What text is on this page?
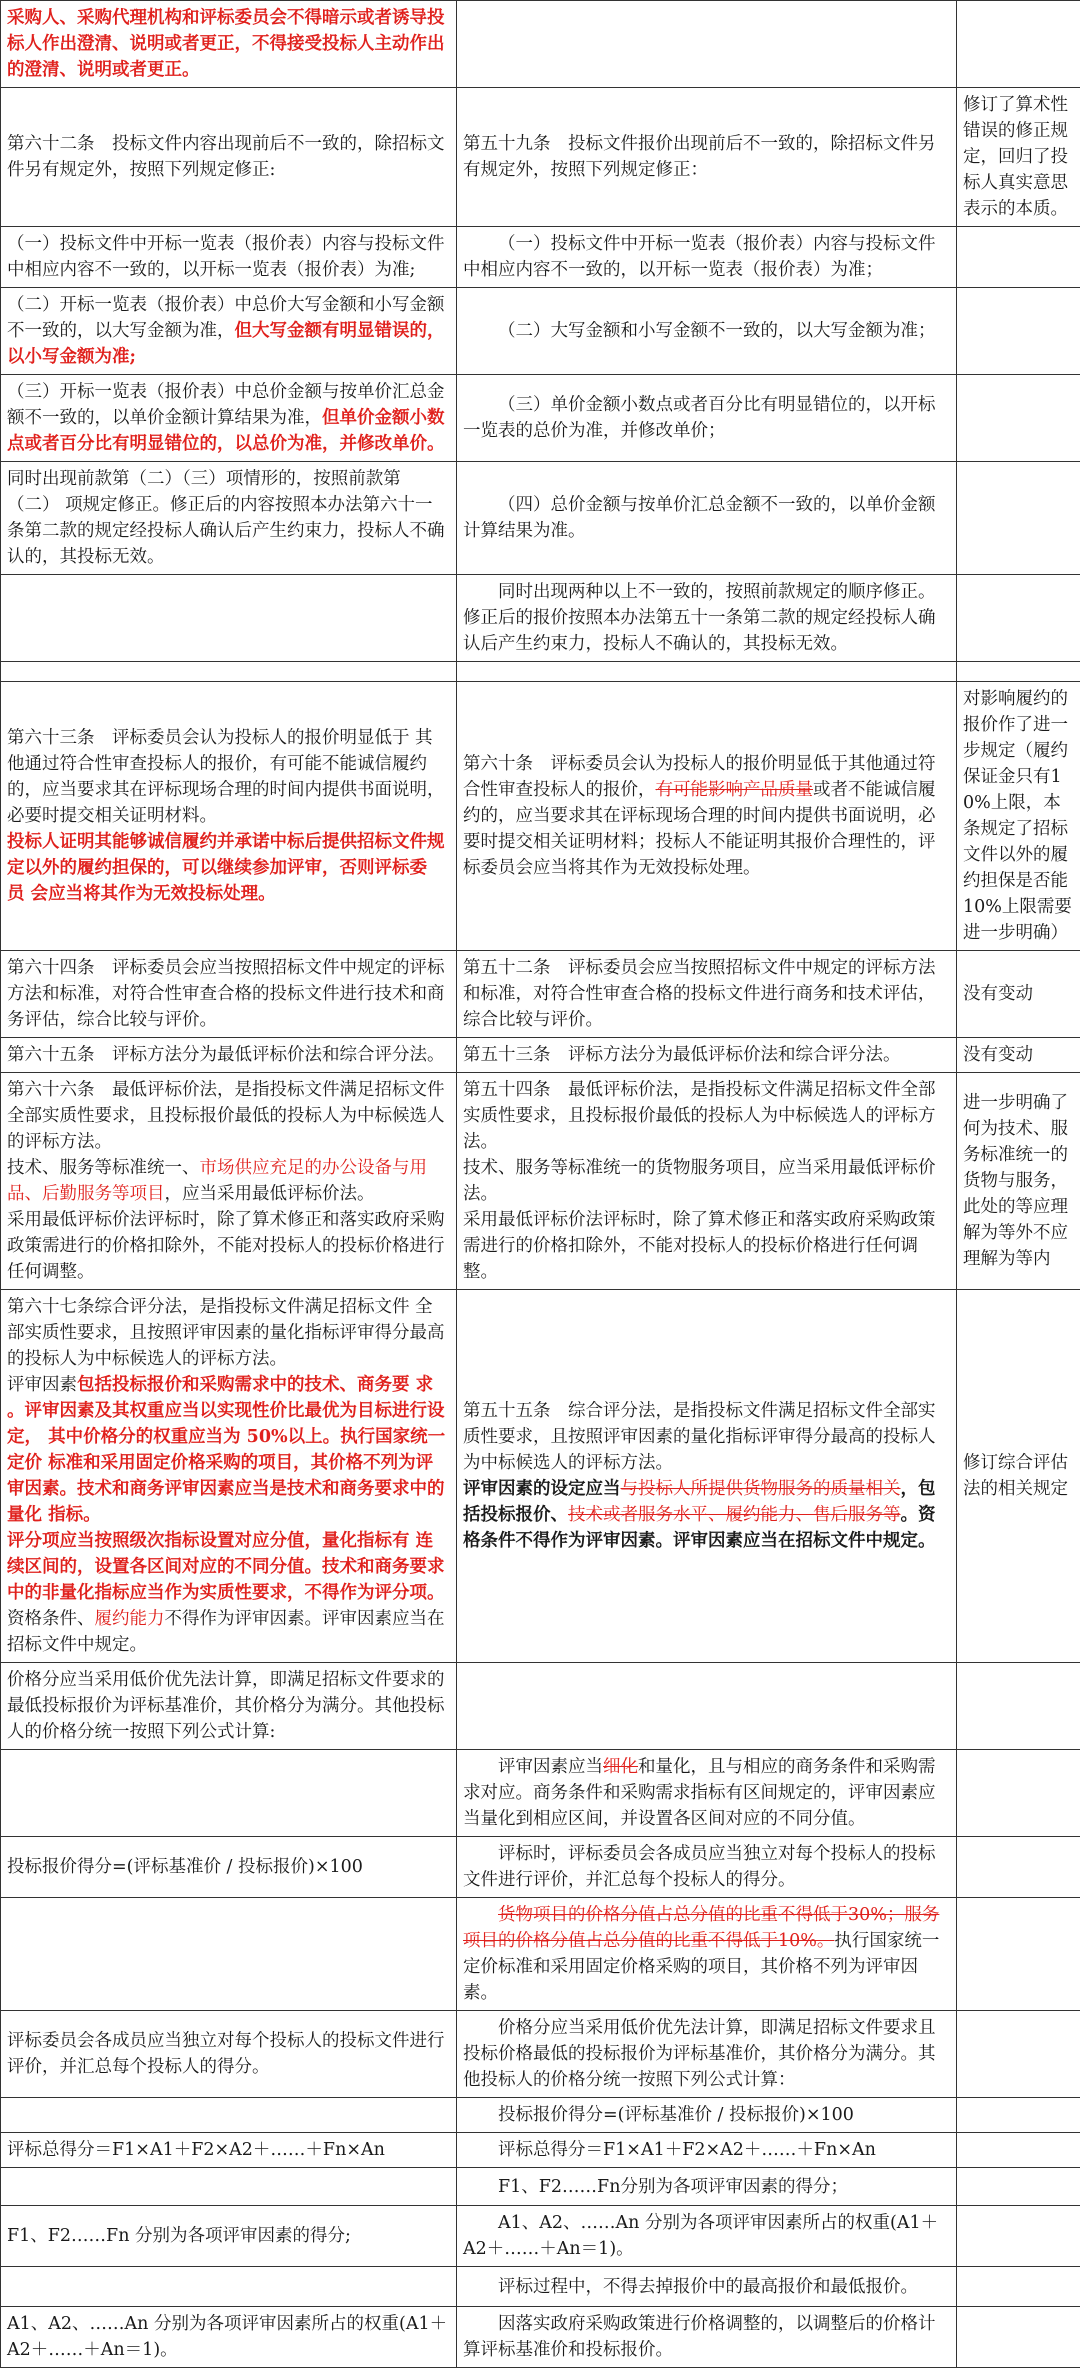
采购人、采购代理机构和评标委员会不得暗示或者诱导投标人作出澄清、说明或者更正，不得接受投标人主动作出 的澄清、说明或者更正。		
第六十二条　投标文件内容出现前后不一致的，除招标文件另有规定外，按照下列规定修正:	第五十九条　投标文件报价出现前后不一致的，除招标文件另有规定外，按照下列规定修正：	修订了算术性错误的修正规定，回归了投标人真实意思表示的本质。
（一）投标文件中开标一览表（报价表）内容与投标文件中相应内容不一致的，以开标一览表（报价表）为准;	（一）投标文件中开标一览表（报价表）内容与投标文件中相应内容不一致的，以开标一览表（报价表）为准；	
（二）开标一览表（报价表）中总价大写金额和小写金额不一致的，以大写金额为准，但大写金额有明显错误的， 以小写金额为准;	（二）大写金额和小写金额不一致的，以大写金额为准；	
（三）开标一览表（报价表）中总价金额与按单价汇总金额不一致的，以单价金额计算结果为准，但单价金额小数点或者百分比有明显错位的，以总价为准，并修改单价。	（三）单价金额小数点或者百分比有明显错位的，以开标一览表的总价为准，并修改单价；	
同时出现前款第（二）（三）项情形的，按照前款第（二） 项规定修正。修正后的内容按照本办法第六十一条第二款的规定经投标人确认后产生约束力，投标人不确认的，其投标无效。	（四）总价金额与按单价汇总金额不一致的，以单价金额计算结果为准。	
	同时出现两种以上不一致的，按照前款规定的顺序修正。修正后的报价按照本办法第五十一条第二款的规定经投标人确认后产生约束力，投标人不确认的，其投标无效。	

第六十三条　评标委员会认为投标人的报价明显低于 其他通过符合性审查投标人的报价，有可能不能诚信履约的，应当要求其在评标现场合理的时间内提供书面说明，必要时提交相关证明材料。
投标人证明其能够诚信履约并承诺中标后提供招标文件规定以外的履约担保的，可以继续参加评审，否则评标委 员 会应当将其作为无效投标处理。	第六十条　评标委员会认为投标人的报价明显低于其他通过符合性审查投标人的报价，有可能影响产品质量或者不能诚信履约的，应当要求其在评标现场合理的时间内提供书面说明，必要时提交相关证明材料；投标人不能证明其报价合理性的，评标委员会应当将其作为无效投标处理。	对影响履约的报价作了进一步规定（履约保证金只有10%上限，本条规定了招标文件以外的履约担保是否能10%上限需要进一步明确）
第六十四条　评标委员会应当按照招标文件中规定的评标方法和标准，对符合性审查合格的投标文件进行技术和商务评估，综合比较与评价。	第五十二条　评标委员会应当按照招标文件中规定的评标方法和标准，对符合性审查合格的投标文件进行商务和技术评估，综合比较与评价。	没有变动
第六十五条　评标方法分为最低评标价法和综合评分法。	第五十三条　评标方法分为最低评标价法和综合评分法。	没有变动
第六十六条　最低评标价法，是指投标文件满足招标文件全部实质性要求，且投标报价最低的投标人为中标候选人 的评标方法。
技术、服务等标准统一、市场供应充足的办公设备与用品、后勤服务等项目，应当采用最低评标价法。
采用最低评标价法评标时，除了算术修正和落实政府采购政策需进行的价格扣除外，不能对投标人的投标价格进行任何调整。	第五十四条　最低评标价法，是指投标文件满足招标文件全部实质性要求，且投标报价最低的投标人为中标候选人的评标方法。
技术、服务等标准统一的货物服务项目，应当采用最低评标价法。
采用最低评标价法评标时，除了算术修正和落实政府采购政策需进行的价格扣除外，不能对投标人的投标价格进行任何调整。	进一步明确了何为技术、服务标准统一的货物与服务，此处的等应理解为等外不应理解为等内
第六十七条综合评分法，是指投标文件满足招标文件 全部实质性要求，且按照评审因素的量化指标评审得分最高 的投标人为中标候选人的评标方法。
评审因素包括投标报价和采购需求中的技术、商务要 求 。评审因素及其权重应当以实现性价比最优为目标进行设 定， 其中价格分的权重应当为 50%以上。执行国家统一定价 标准和采用固定价格采购的项目，其价格不列为评审因素。技术和商务评审因素应当是技术和商务要求中的量化 指标。
评分项应当按照级次指标设置对应分值，量化指标有 连续区间的，设置各区间对应的不同分值。技术和商务要求中的非量化指标应当作为实质性要求，不得作为评分项。资格条件、履约能力不得作为评审因素。评审因素应当在招标文件中规定。	第五十五条　综合评分法，是指投标文件满足招标文件全部实质性要求，且按照评审因素的量化指标评审得分最高的投标人为中标候选人的评标方法。
评审因素的设定应当与投标人所提供货物服务的质量相关，包括投标报价、技术或者服务水平、履约能力、售后服务等。资格条件不得作为评审因素。评审因素应当在招标文件中规定。	修订综合评估法的相关规定
价格分应当采用低价优先法计算，即满足招标文件要求的最低投标报价为评标基准价，其价格分为满分。其他投标 人的价格分统一按照下列公式计算:		
	评审因素应当细化和量化，且与相应的商务条件和采购需求对应。商务条件和采购需求指标有区间规定的，评审因素应当量化到相应区间，并设置各区间对应的不同分值。	
投标报价得分=(评标基准价 / 投标报价)×100	评标时，评标委员会各成员应当独立对每个投标人的投标文件进行评价，并汇总每个投标人的得分。	
	货物项目的价格分值占总分值的比重不得低于30%；服务项目的价格分值占总分值的比重不得低于10%。执行国家统一定价标准和采用固定价格采购的项目，其价格不列为评审因素。	
评标委员会各成员应当独立对每个投标人的投标文件进行评价，并汇总每个投标人的得分。	价格分应当采用低价优先法计算，即满足招标文件要求且投标价格最低的投标报价为评标基准价，其价格分为满分。其他投标人的价格分统一按照下列公式计算：	
	投标报价得分=(评标基准价 / 投标报价)×100	
评标总得分＝F1×A1＋F2×A2＋……＋Fn×An	评标总得分＝F1×A1＋F2×A2＋……＋Fn×An	
	F1、F2……Fn分别为各项评审因素的得分；	
F1、F2……Fn 分别为各项评审因素的得分;	A1、A2、……An 分别为各项评审因素所占的权重(A1＋A2＋……＋An＝1)。	
	评标过程中，不得去掉报价中的最高报价和最低报价。	
A1、A2、……An 分别为各项评审因素所占的权重(A1＋A2＋……＋An＝1)。	因落实政府采购政策进行价格调整的，以调整后的价格计算评标基准价和投标报价。	
